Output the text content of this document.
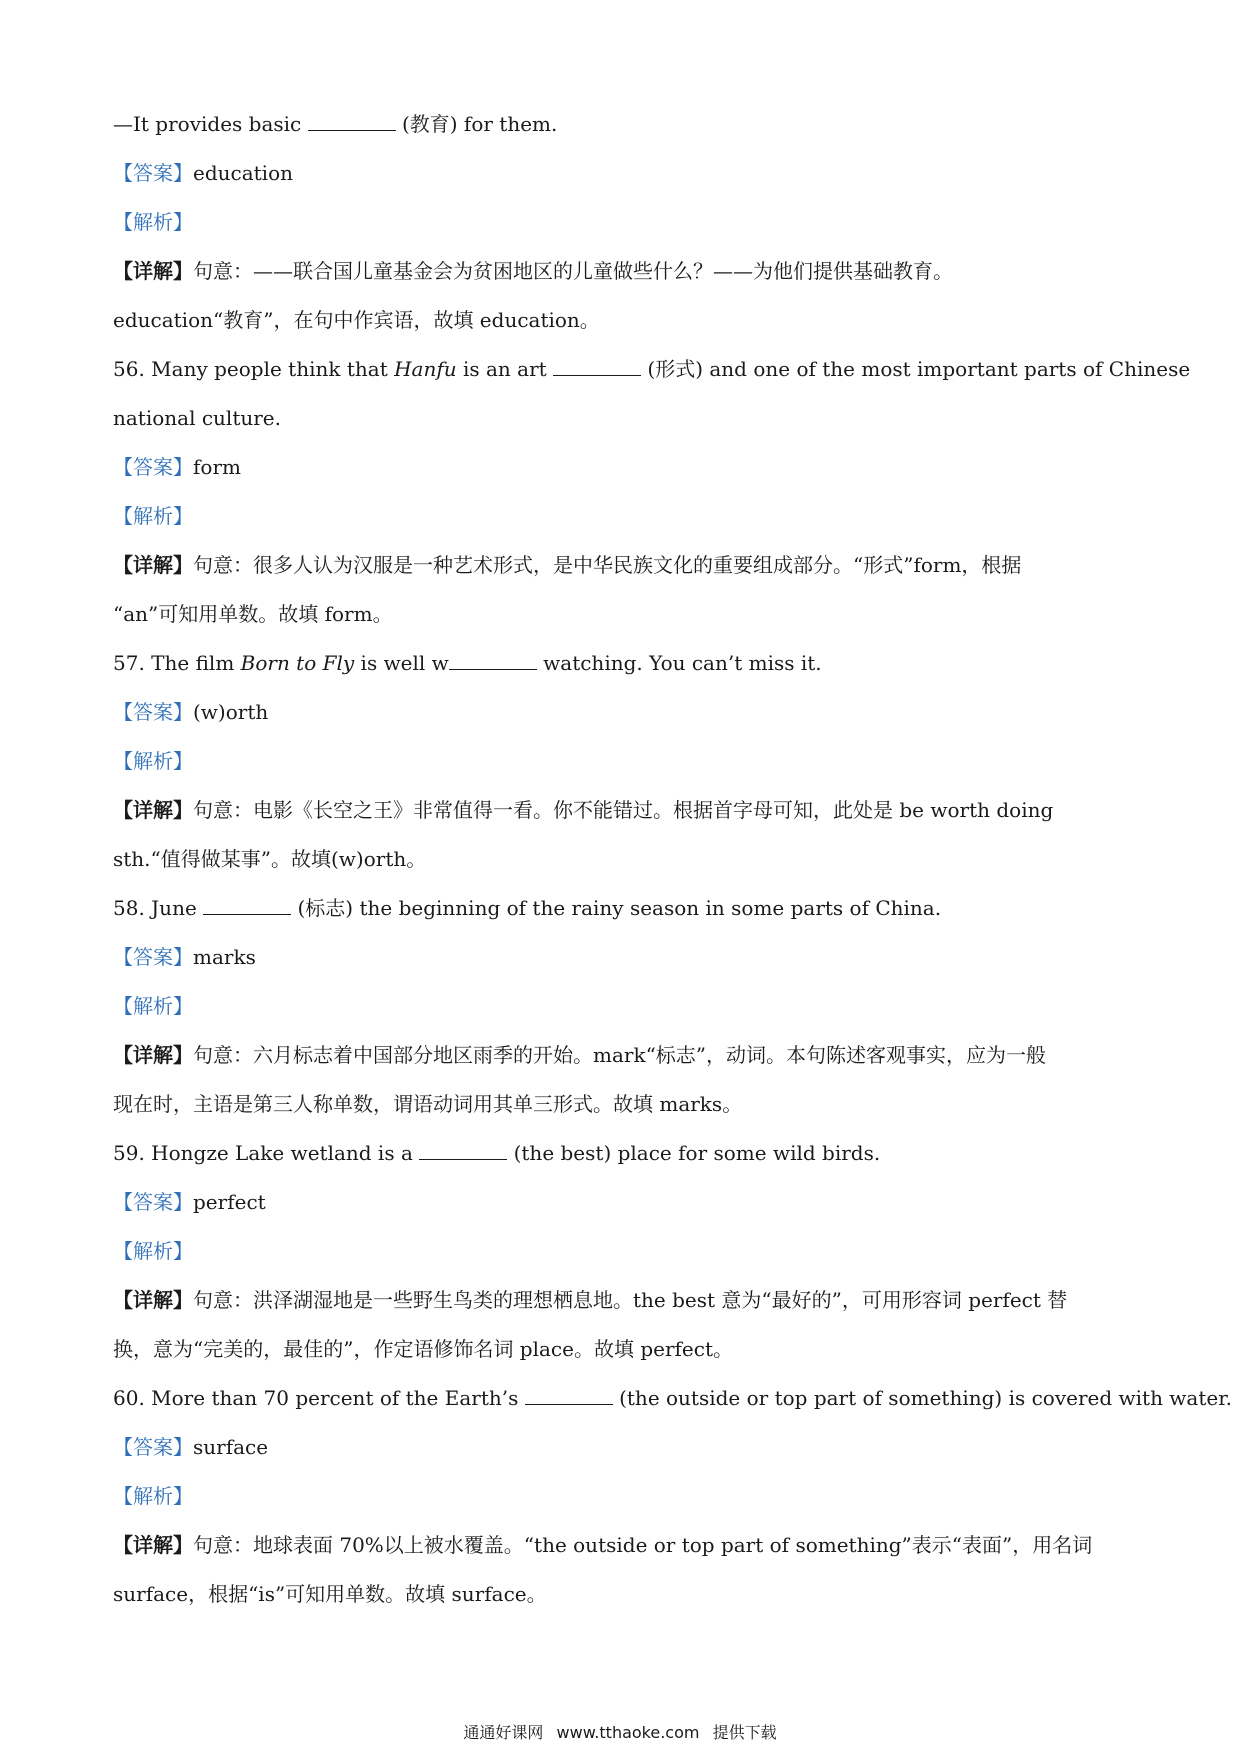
—It provides basic	(教育) for them.
【答案】education
【解析】
【详解】句意：——联合国儿童基金会为贫困地区的儿童做些什么？——为他们提供基础教育。
education“教育”，在句中作宾语，故填 education。
56. Many people think that Hanfu is an art	(形式) and one of the most important parts of Chinese
national culture.
【答案】form
【解析】
【详解】句意：很多人认为汉服是一种艺术形式，是中华民族文化的重要组成部分。“形式”form，根据
“an”可知用单数。故填 form。
57. The film Born to Fly is well w	watching. You can’t miss it.
【答案】(w)orth
【解析】
【详解】句意：电影《长空之王》非常值得一看。你不能错过。根据首字母可知，此处是 be worth doing
sth.“值得做某事”。故填(w)orth。
58. June	(标志) the beginning of the rainy season in some parts of China.
【答案】marks
【解析】
【详解】句意：六月标志着中国部分地区雨季的开始。mark“标志”，动词。本句陈述客观事实，应为一般
现在时，主语是第三人称单数，谓语动词用其单三形式。故填 marks。
59. Hongze Lake wetland is a	(the best) place for some wild birds.
【答案】perfect
【解析】
【详解】句意：洪泽湖湿地是一些野生鸟类的理想栖息地。the best 意为“最好的”，可用形容词 perfect 替
换，意为“完美的，最佳的”，作定语修饰名词 place。故填 perfect。
60. More than 70 percent of the Earth’s	(the outside or top part of something) is covered with water.
【答案】surface
【解析】
【详解】句意：地球表面 70%以上被水覆盖。“the outside or top part of something”表示“表面”，用名词
surface，根据“is”可知用单数。故填 surface。
通通好课网 www.tthaoke.com 提供下载
